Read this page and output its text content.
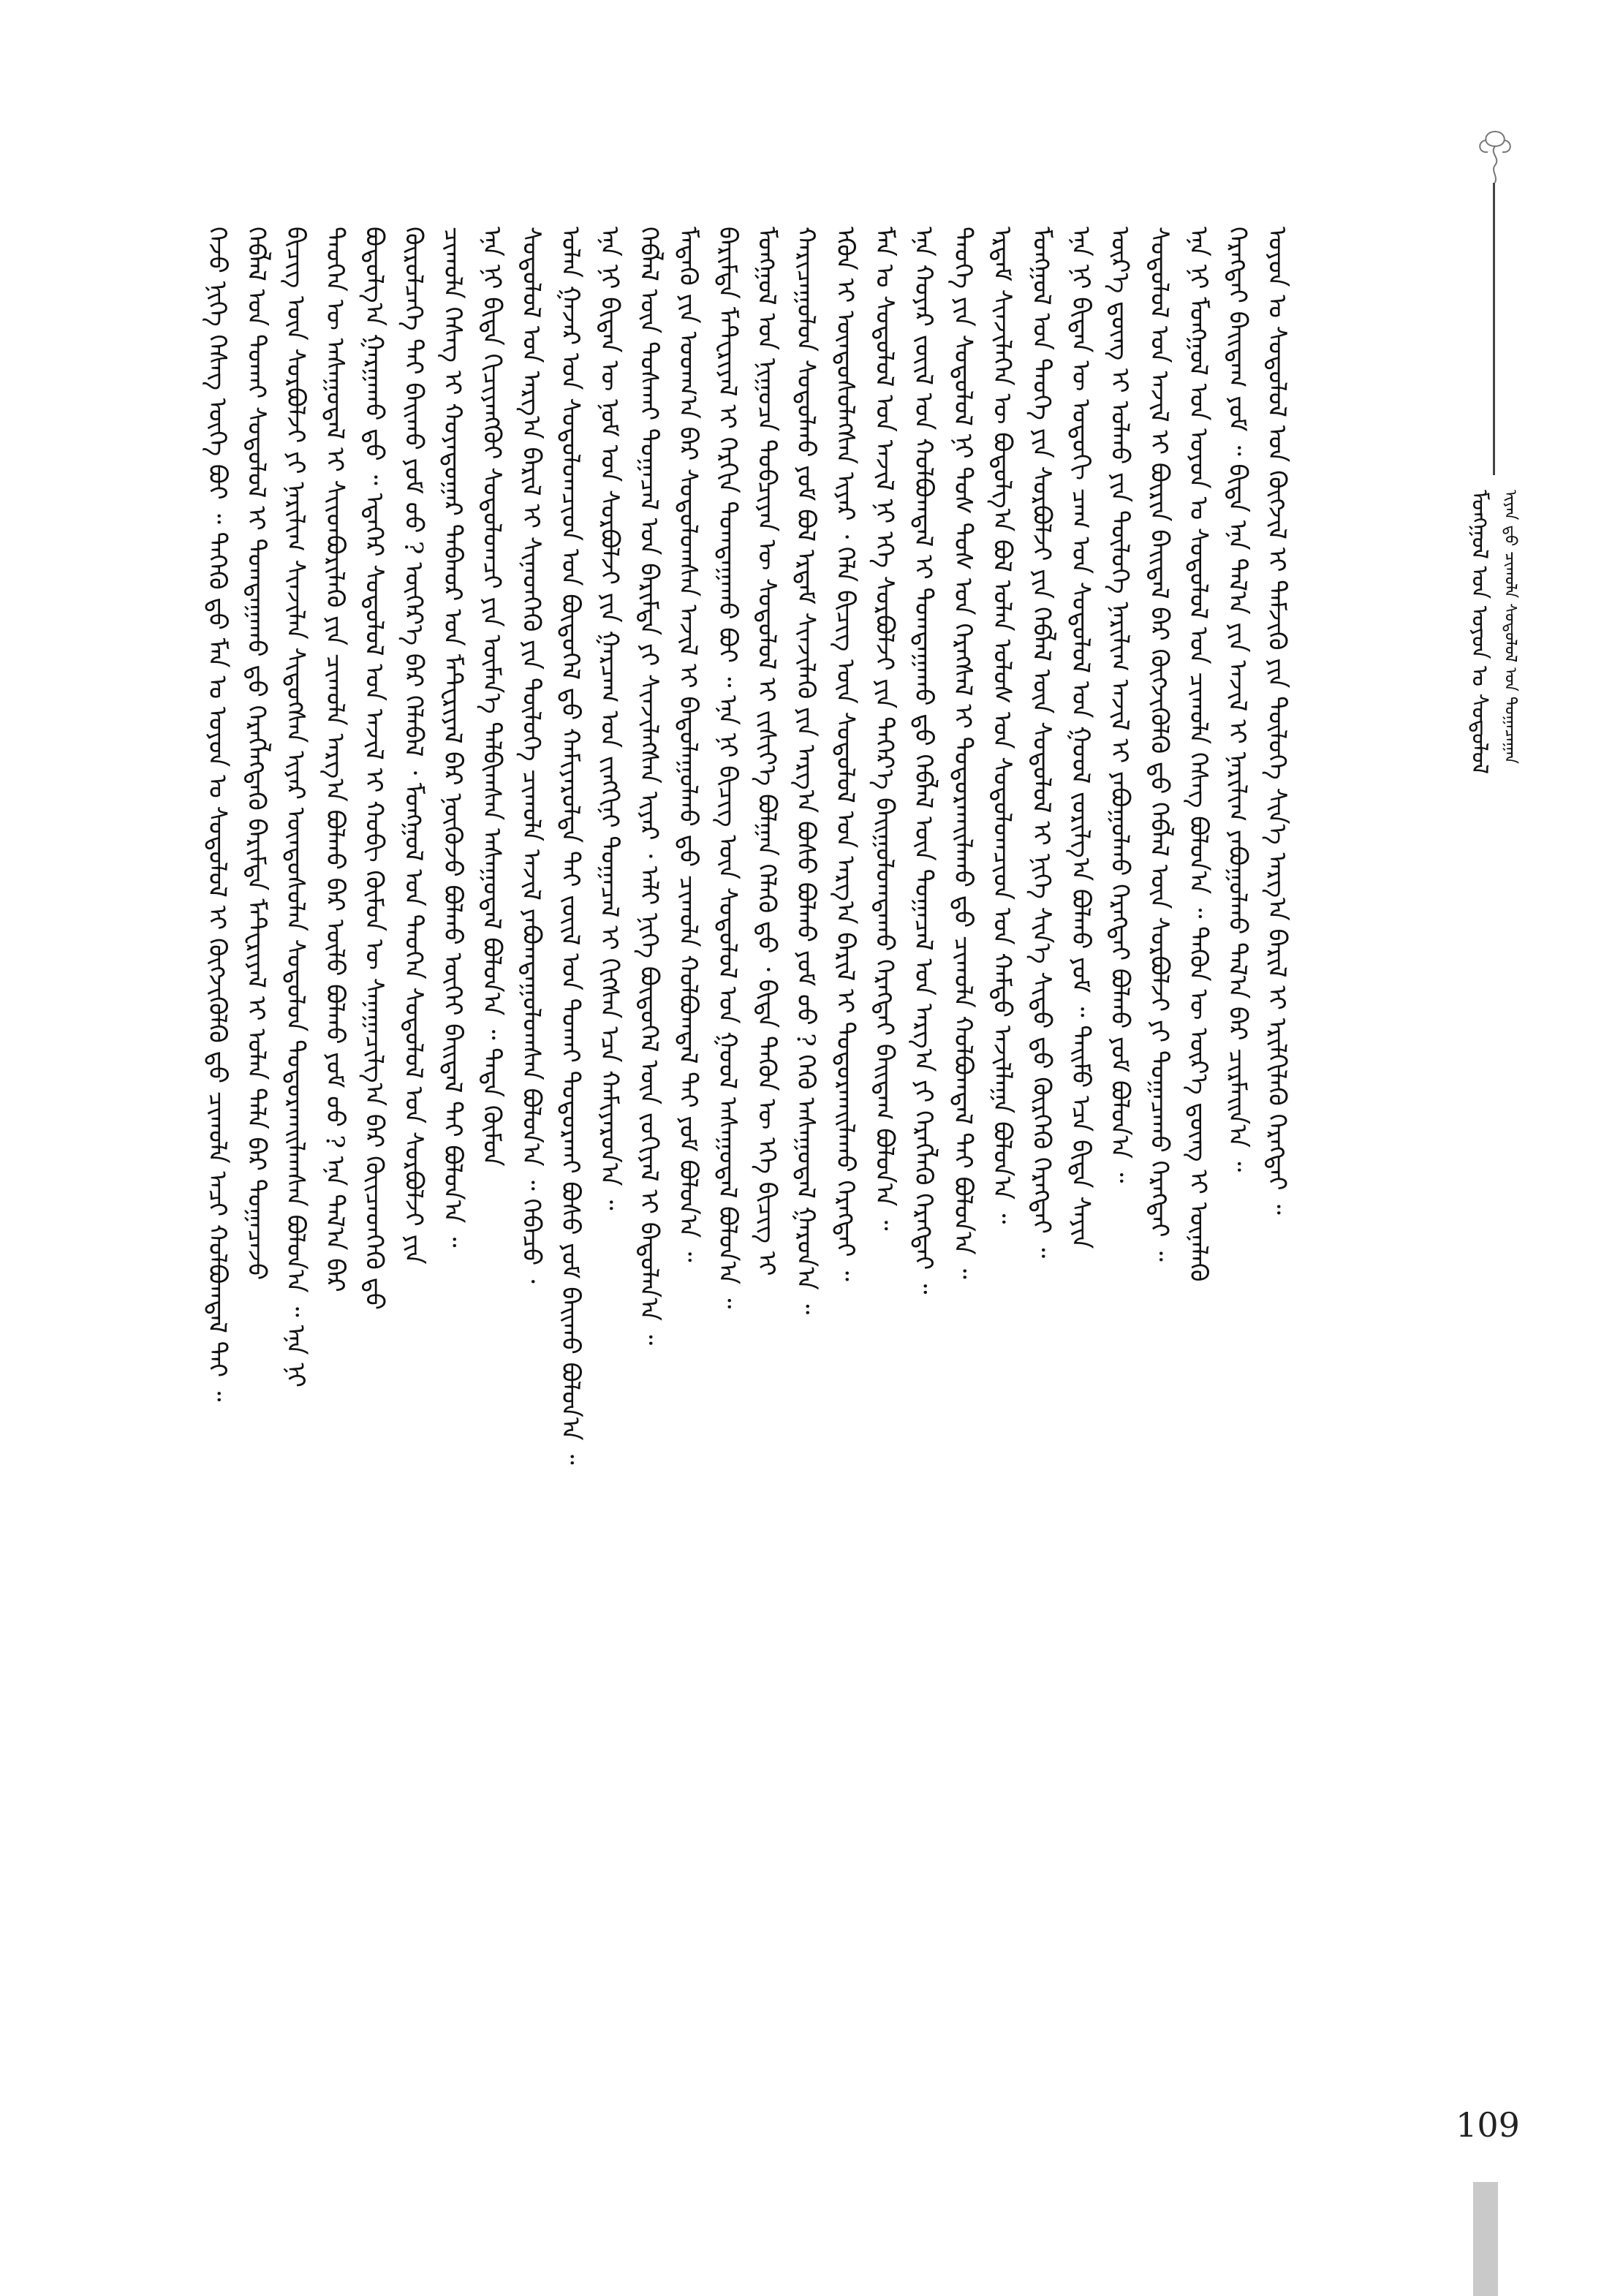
ᠮᠣᠩᠭᠣᠯ ᠤᠨ ᠣᠶᠤᠨ ᠤ ᠰᠤᠳᠤᠯᠤᠯ ᠢᠶᠡᠨ ᠳ᠋ᠦ᠍ ᠴᠢᠬᠤᠯᠠ ᠰᠤᠳᠤᠯᠤᠯ ᠤᠨ ᠲᠣᠭᠠᠴᠠᠭᠠᠨ
ᠭᠡᠵᠦ ᠨᠢᠭᠡ ᠬᠡᠰᠡᠭ ᠦᠭᠡ ᠪᠤᠢ ᠃ ᠲᠡᠭᠡᠬᠦ ᠳ᠋ᠦ ᠮᠠᠨ ᠤ ᠣᠶᠤᠨ ᠤ ᠰᠤᠳᠤᠯᠤᠯ ᠢ ᠬᠥᠭᠵᠢᠭᠦᠯᠬᠦ ᠳ᠋ᠦ ᠴᠢᠬᠤᠯᠠ ᠠᠴᠢ ᠬᠣᠯᠪᠣᠭᠳᠠᠯ ᠲᠠᠢ ᠃ ᠬᠡᠪᠯᠡᠯ ᠤᠨ ᠲᠤᠬᠠᠢ ᠰᠤᠳᠤᠯᠤᠯ ᠢ ᠲᠣᠭᠲᠠᠭᠠᠬᠤ ᠳ᠋ᠤ ᠬᠡᠷᠡᠭᠯᠡᠭᠳᠡᠬᠦ ᠪᠠᠷᠢᠮᠲᠠ ᠮᠠᠲᠧᠷᠢᠶᠠᠯ ᠢ ᠣᠯᠠᠨ ᠲᠠᠯᠠ ᠪᠡᠷ ᠲᠣᠭᠠᠴᠠᠵᠤ ᠪᠢᠴᠢᠭ ᠦᠨ ᠰᠤᠷᠪᠤᠯᠵᠢ ᠶᠢ ᠨᠠᠷᠢᠯᠢᠭ ᠰᠢᠨᠵᠢᠯᠡᠨ ᠰᠢᠳᠦᠭᠰᠡᠨ ᠢᠶᠡᠷ ᠦᠨᠳᠦᠰᠦᠯᠡᠨ ᠰᠤᠳᠤᠯᠤᠨ ᠲᠣᠳᠤᠷᠬᠠᠢᠯᠠᠭᠰᠠᠨ ᠪᠣᠯᠤᠨ᠎ᠠ ᠃ ᠡᠨᠡ ᠨᠢ ᠲᠡᠦᠬᠡᠨ ᠦ ᠠᠰᠠᠭᠤᠳᠠᠯ ᠢ ᠰᠢᠢᠳᠪᠦᠷᠢᠯᠡᠬᠦ ᠶᠢᠨ ᠴᠢᠬᠤᠯᠠ ᠠᠷᠭ᠎ᠠ ᠪᠣᠯᠬᠤ ᠪᠠᠷ ᠦᠯᠦ ᠪᠣᠯᠬᠤ ᠶᠤᠮ ᠤᠤ ? ᠡᠨᠡ ᠲᠠᠯ᠎ᠠ ᠪᠡᠷ ᠪᠣᠳᠣᠯᠭ᠎ᠠ ᠭᠠᠷᠭᠠᠬᠤ ᠳ᠋ᠤ ᠃ ᠡᠳᠡᠭᠡᠷ ᠰᠤᠳᠤᠯᠤᠯ ᠤᠨ ᠠᠵᠢᠯ ᠢ ᠬᠤᠪᠢ ᠬᠦᠮᠦᠨ ᠦ ᠰᠠᠨᠠᠭᠠᠴᠢᠯᠭ᠎ᠠ ᠪᠠᠷ ᠭᠦᠢᠴᠡᠳᠬᠡᠬᠦ ᠳ᠋ᠦ ᠬᠦᠷᠦᠯᠴᠡᠬᠡ ᠲᠠᠢ ᠪᠠᠢᠬᠤ ᠶᠤᠮ ᠤᠤ ? ᠦᠭᠡᠷ᠎ᠡ ᠪᠡᠷ ᠬᠡᠯᠡᠪᠡᠯ ᠂ ᠮᠣᠩᠭᠣᠯ ᠤᠨ ᠲᠡᠦᠬᠡᠨ ᠰᠤᠳᠤᠯᠤᠯ ᠤᠨ ᠰᠤᠷᠪᠤᠯᠵᠢ ᠶᠢᠨ ᠴᠢᠬᠤᠯᠠ ᠬᠡᠰᠡᠭ ᠢ ᠬᠣᠶᠠᠳᠤᠭᠠᠷ ᠳᠠᠪᠬᠤᠷ ᠤᠨ ᠮᠠᠲᠧᠷᠢᠶᠠᠯ ᠪᠡᠷ ᠨᠥᠬᠦᠵᠦ ᠪᠣᠯᠬᠤ ᠦᠭᠡᠢ ᠪᠠᠢᠳᠠᠯ ᠲᠠᠢ ᠪᠣᠯᠤᠨ᠎ᠠ ᠃ ᠡᠨᠡ ᠨᠢ ᠪᠢᠳᠡ ᠬᠢᠴᠢᠶᠡᠩᠭᠦᠢ ᠰᠤᠳᠤᠯᠤᠭᠴᠢ ᠶᠢᠨ ᠥᠮᠡᠨ᠎ᠡ ᠲᠠᠯᠪᠢᠭᠰᠠᠨ ᠠᠰᠠᠭᠤᠳᠠᠯ ᠪᠣᠯᠤᠨ᠎ᠠ ᠃ ᠲᠡᠳᠡ ᠬᠥᠮᠦᠨ ᠰᠤᠳᠤᠯᠤᠯ ᠤᠨ ᠠᠷᠭ᠎ᠠ ᠪᠠᠷᠢᠯ ᠢ ᠰᠢᠨᠡᠳᠬᠡᠬᠦ ᠶᠢᠨ ᠲᠥᠯᠦᠭᠡ ᠴᠢᠬᠤᠯᠠ ᠠᠵᠢᠯ ᠶᠠᠪᠤᠭᠳᠠᠭᠤᠯᠤᠭᠰᠠᠨ ᠪᠣᠯᠤᠨ᠎ᠠ ᠃ ᠭᠡᠪᠡᠴᠦ ᠂ ᠣᠯᠠᠨ ᠭᠠᠵᠠᠷ ᠤᠨ ᠰᠤᠳᠤᠯᠤᠭᠴᠢᠳ ᠤᠨ ᠪᠦᠲᠦᠭᠡᠯ ᠳ᠋ᠦ ᠬᠠᠮᠢᠶᠠᠷᠤᠯᠳᠠ ᠲᠠᠢ ᠵᠦᠢᠯ ᠤᠨ ᠲᠤᠬᠠᠢ ᠲᠣᠳᠤᠷᠬᠠᠢ ᠪᠣᠰᠤ ᠶᠤᠮ ᠪᠠᠢᠬᠤ ᠪᠣᠯᠤᠨ᠎ᠠ ᠃ ᠡᠨᠡ ᠨᠢ ᠪᠢᠳᠡᠨ ᠦ ᠨᠣᠮ ᠤᠨ ᠰᠤᠷᠪᠤᠯᠵᠢ ᠶᠢᠨ ᠭᠠᠷᠴᠠᠭ ᠤᠨ ᠵᠢᠩᠬᠢᠨᠢ ᠲᠣᠭᠠᠴᠠᠯ ᠢ ᠬᠢᠭᠰᠡᠨ ᠡᠴᠡ ᠬᠠᠮᠢᠶᠠᠷᠤᠨ᠎ᠠ ᠃ ᠬᠡᠪᠯᠡᠯ ᠦᠨ ᠲᠤᠰᠬᠠᠢ ᠲᠣᠭᠠᠴᠠᠯ ᠤᠨ ᠪᠠᠷᠢᠮᠲᠠ ᠶᠢ ᠰᠢᠨᠵᠢᠯᠡᠭᠰᠡᠨ ᠢᠶᠡᠷ ᠂ ᠠᠯᠢ ᠨᠢᠭᠡ ᠪᠦᠲᠦᠭᠡᠯ ᠦᠨ ᠵᠣᠬᠢᠶᠠᠯ ᠢ ᠪᠠᠲᠤᠯᠠᠨ᠎ᠠ ᠃ ᠮᠡᠳᠡᠬᠦ ᠶᠢᠨ ᠤᠳᠬ᠎ᠠ ᠪᠡᠷ ᠰᠤᠳᠤᠯᠤᠭᠰᠠᠨ ᠠᠵᠢᠯ ᠢ ᠪᠠᠲᠤᠯᠠᠭᠤᠯᠬᠤ ᠳ᠋ᠤ ᠴᠢᠬᠤᠯᠠ ᠬᠣᠯᠪᠣᠭᠳᠠᠯ ᠲᠠᠢ ᠶᠤᠮ ᠪᠣᠯᠤᠨ᠎ᠠ ᠃ ᠪᠠᠷᠢᠮᠲᠠ ᠮᠠᠲᠧᠷᠢᠶᠠᠯ ᠢ ᠬᠡᠷᠬᠢᠨ ᠲᠣᠭᠲᠠᠭᠠᠬᠤ ᠪᠤᠢ ᠃ ᠡᠨᠡ ᠨᠢ ᠪᠢᠴᠢᠭ ᠦᠨ ᠰᠤᠳᠤᠯᠤᠯ ᠤᠨ ᠭᠣᠣᠯ ᠠᠰᠠᠭᠤᠳᠠᠯ ᠪᠣᠯᠤᠨ᠎ᠠ ᠃ ᠮᠣᠩᠭᠣᠯ ᠤᠨ ᠨᠢᠭᠤᠴᠠ ᠲᠣᠪᠴᠢᠶᠠᠨ ᠦ ᠰᠤᠳᠤᠯᠤᠯ ᠢ ᠵᠢᠰᠢᠶ᠎ᠡ ᠪᠣᠯᠭᠠᠨ ᠬᠡᠯᠡᠬᠦ ᠳ᠋ᠦ ᠂ ᠪᠢᠳᠡ ᠲᠡᠭᠦᠨ ᠦ ᠡᠬᠡ ᠪᠢᠴᠢᠭ ᠢ ᠬᠠᠷᠢᠴᠠᠭᠤᠯᠤᠨ ᠰᠤᠳᠤᠯᠬᠤ ᠶᠤᠮ ᠪᠣᠯ ᠡᠷᠳᠡᠮ ᠰᠢᠨᠵᠢᠯᠡᠬᠦ ᠶᠢᠨ ᠠᠷᠭ᠎ᠠ ᠪᠤᠰᠤ ᠪᠣᠯᠬᠤ ᠶᠤᠮ ᠤᠤ ? ᠭᠡᠬᠦ ᠠᠰᠠᠭᠤᠳᠠᠯ ᠭᠠᠷᠤᠨ᠎ᠠ ᠃ ᠡᠭᠦᠨ ᠢ ᠦᠨᠳᠦᠰᠦᠯᠡᠭᠰᠡᠨ ᠢᠶᠡᠷ ᠂ ᠬᠡᠯᠡ ᠪᠢᠴᠢᠭ ᠦᠨ ᠰᠤᠳᠤᠯᠤᠯ ᠤᠨ ᠠᠷᠭ᠎ᠠ ᠪᠠᠷᠢᠯ ᠢ ᠲᠣᠳᠤᠷᠬᠠᠢᠯᠠᠬᠤ ᠬᠡᠷᠡᠭᠲᠡᠢ ᠃ ᠮᠠᠨ ᠤ ᠰᠤᠳᠤᠯᠤᠯ ᠤᠨ ᠠᠵᠢᠯ ᠨᠢ ᠡᠬᠡ ᠰᠤᠷᠪᠤᠯᠵᠢ ᠶᠢᠨ ᠳᠡᠭᠡᠷ᠎ᠡ ᠪᠠᠢᠭᠤᠯᠤᠭᠳᠠᠬᠤ ᠬᠡᠷᠡᠭᠲᠡᠢ ᠪᠠᠢᠳᠠᠭ ᠪᠣᠯᠤᠨ᠎ᠠ ᠃ ᠡᠨᠡ ᠬᠣᠶᠠᠷ ᠵᠦᠢᠯ ᠤᠨ ᠬᠣᠯᠪᠣᠭᠳᠠᠯ ᠢ ᠲᠣᠭᠲᠠᠭᠠᠬᠤ ᠳ᠋ᠤ ᠬᠡᠪᠯᠡᠯ ᠦᠨ ᠲᠣᠭᠠᠴᠠᠯ ᠤᠨ ᠠᠷᠭ᠎ᠠ ᠶᠢ ᠬᠡᠷᠡᠭᠯᠡᠬᠦ ᠬᠡᠷᠡᠭᠲᠡᠢ ᠃ ᠲᠡᠦᠬᠡ ᠶᠢᠨ ᠰᠤᠳᠤᠯᠤᠯ ᠨᠢ ᠲᠤᠰ ᠲᠤᠰ ᠤᠨ ᠬᠡᠷᠡᠭᠰᠡᠯ ᠢ ᠲᠣᠳᠤᠷᠬᠠᠢᠯᠠᠬᠤ ᠳ᠋ᠤ ᠴᠢᠬᠤᠯᠠ ᠬᠣᠯᠪᠣᠭᠳᠠᠯ ᠲᠠᠢ ᠪᠣᠯᠤᠨ᠎ᠠ ᠃ ᠡᠷᠳᠡᠮ ᠰᠢᠨᠵᠢᠯᠡᠭᠡᠨ ᠦ ᠪᠣᠳᠣᠯᠭ᠎ᠠ ᠪᠣᠯ ᠣᠯᠠᠨ ᠤᠯᠤᠰ ᠤᠨ ᠰᠤᠳᠤᠯᠤᠭᠴᠢᠳ ᠤᠨ ᠬᠠᠮᠲᠤ ᠠᠵᠢᠯᠯᠠᠭᠠ ᠪᠣᠯᠤᠨ᠎ᠠ ᠃ ᠮᠣᠩᠭᠣᠯ ᠤᠨ ᠲᠡᠦᠬᠡ ᠶᠢᠨ ᠰᠤᠷᠪᠤᠯᠵᠢ ᠶᠢᠨ ᠬᠡᠪᠯᠡᠯ ᠦᠨ ᠰᠤᠳᠤᠯᠤᠯ ᠢ ᠨᠢᠭᠡ ᠰᠢᠨ᠎ᠡ ᠰᠢᠲᠦ ᠳ᠋ᠦ ᠬᠦᠷᠭᠡᠬᠦ ᠬᠡᠷᠡᠭᠲᠡᠢ ᠃ ᠡᠨᠡ ᠨᠢ ᠪᠢᠳᠡᠨ ᠦ ᠣᠳᠣᠬᠢ ᠴᠠᠭ ᠤᠨ ᠰᠤᠳᠤᠯᠤᠯ ᠤᠨ ᠭᠣᠣᠯ ᠵᠣᠷᠢᠯᠭ᠎ᠠ ᠪᠣᠯᠬᠤ ᠶᠤᠮ ᠃ ᠲᠡᠢᠮᠦ ᠡᠴᠡ ᠪᠢᠳᠡ ᠰᠠᠶᠢᠨ ᠦᠷ᠎ᠡ ᠳ᠋ᠦᠩ ᠢ ᠣᠯᠬᠤ ᠶᠢᠨ ᠲᠥᠯᠦᠭᠡ ᠨᠠᠷᠢᠯᠢᠭ ᠠᠵᠢᠯ ᠢ ᠶᠠᠪᠤᠭᠤᠯᠬᠤ ᠬᠡᠷᠡᠭᠲᠡᠢ ᠪᠣᠯᠬᠤ ᠶᠤᠮ ᠪᠣᠯᠤᠨ᠎ᠠ ᠃ ᠰᠤᠳᠤᠯᠤᠯ ᠤᠨ ᠠᠵᠢᠯ ᠢ ᠪᠦᠷᠢᠨ ᠪᠠᠢᠳᠠᠯ ᠪᠠᠷ ᠬᠥᠭᠵᠢᠭᠦᠯᠬᠦ ᠳ᠋ᠦ ᠬᠡᠪᠯᠡᠯ ᠦᠨ ᠰᠤᠷᠪᠤᠯᠵᠢ ᠶᠢ ᠲᠣᠭᠠᠴᠠᠬᠤ ᠬᠡᠷᠡᠭᠲᠡᠢ ᠃ ᠡᠨᠡ ᠨᠢ ᠮᠣᠩᠭᠣᠯ ᠤᠨ ᠣᠶᠤᠨ ᠤ ᠰᠤᠳᠤᠯᠤᠯ ᠤᠨ ᠴᠢᠬᠤᠯᠠ ᠬᠡᠰᠡᠭ ᠪᠣᠯᠤᠨ᠎ᠠ ᠃ ᠲᠡᠭᠦᠨ ᠦ ᠦᠷ᠎ᠡ ᠳ᠋ᠦᠩ ᠢ ᠦᠨᠡᠯᠡᠬᠦ ᠬᠡᠷᠡᠭᠲᠡᠢ ᠪᠠᠢᠳᠠᠭ ᠶᠤᠮ ᠃ ᠪᠢᠳᠡ ᠡᠨᠡ ᠲᠠᠯ᠎ᠠ ᠶᠢᠨ ᠠᠵᠢᠯ ᠢ ᠨᠠᠷᠢᠯᠢᠭ ᠶᠠᠪᠤᠭᠤᠯᠬᠤ ᠲᠠᠯ᠎ᠠ ᠪᠠᠷ ᠴᠢᠷᠮᠠᠢᠨ᠎ᠠ ᠃ ᠣᠶᠤᠨ ᠤ ᠰᠤᠳᠤᠯᠤᠯ ᠤᠨ ᠬᠥᠭᠵᠢᠯ ᠢ ᠳᠡᠮᠵᠢᠬᠦ ᠶᠢᠨ ᠲᠥᠯᠦᠭᠡ ᠰᠢᠨ᠎ᠡ ᠠᠷᠭ᠎ᠠ ᠪᠠᠷᠢᠯ ᠢ ᠡᠷᠢᠯᠬᠢᠯᠡᠬᠦ ᠬᠡᠷᠡᠭᠲᠡᠢ ᠃
109
